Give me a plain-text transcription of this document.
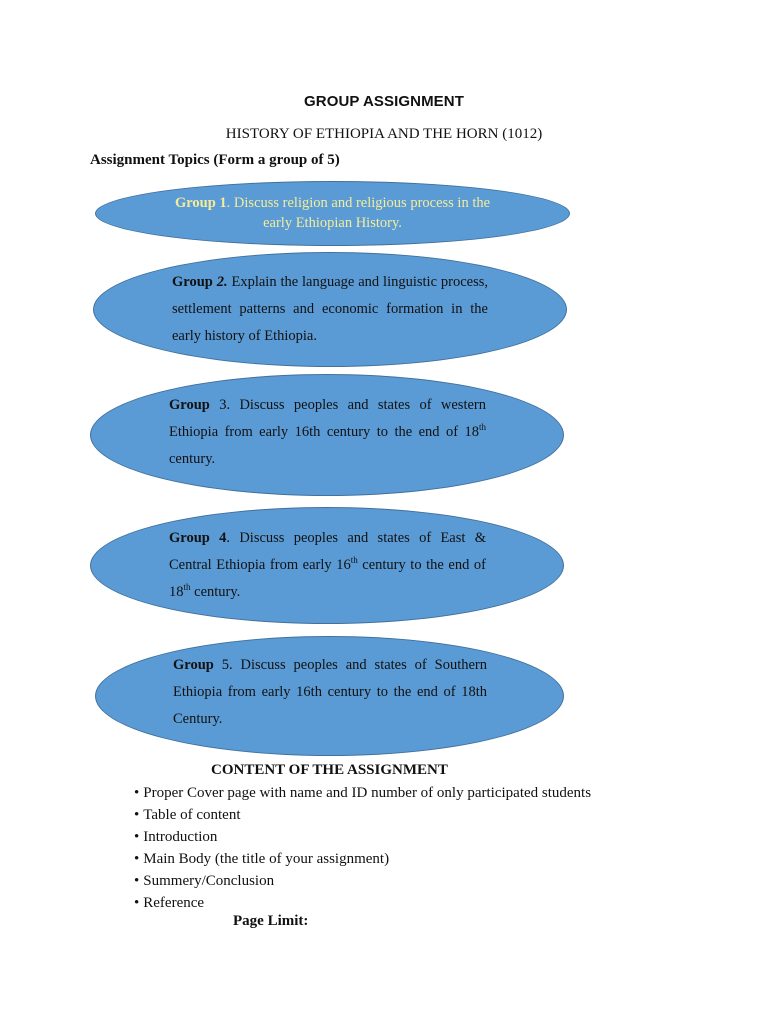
GROUP ASSIGNMENT
HISTORY OF ETHIOPIA AND THE HORN (1012)
Assignment Topics (Form a group of 5)
Group 1. Discuss religion and religious process in the early Ethiopian History.
Group 2. Explain the language and linguistic process, settlement patterns and economic formation in the early history of Ethiopia.
Group 3. Discuss peoples and states of western Ethiopia from early 16th century to the end of 18th century.
Group 4. Discuss peoples and states of East & Central Ethiopia from early 16th century to the end of 18th century.
Group 5. Discuss peoples and states of Southern Ethiopia from early 16th century to the end of 18th Century.
CONTENT OF THE ASSIGNMENT
• Proper Cover page with name and ID number of only participated students
• Table of content
• Introduction
• Main Body (the title of your assignment)
• Summery/Conclusion
• Reference
Page Limit:
